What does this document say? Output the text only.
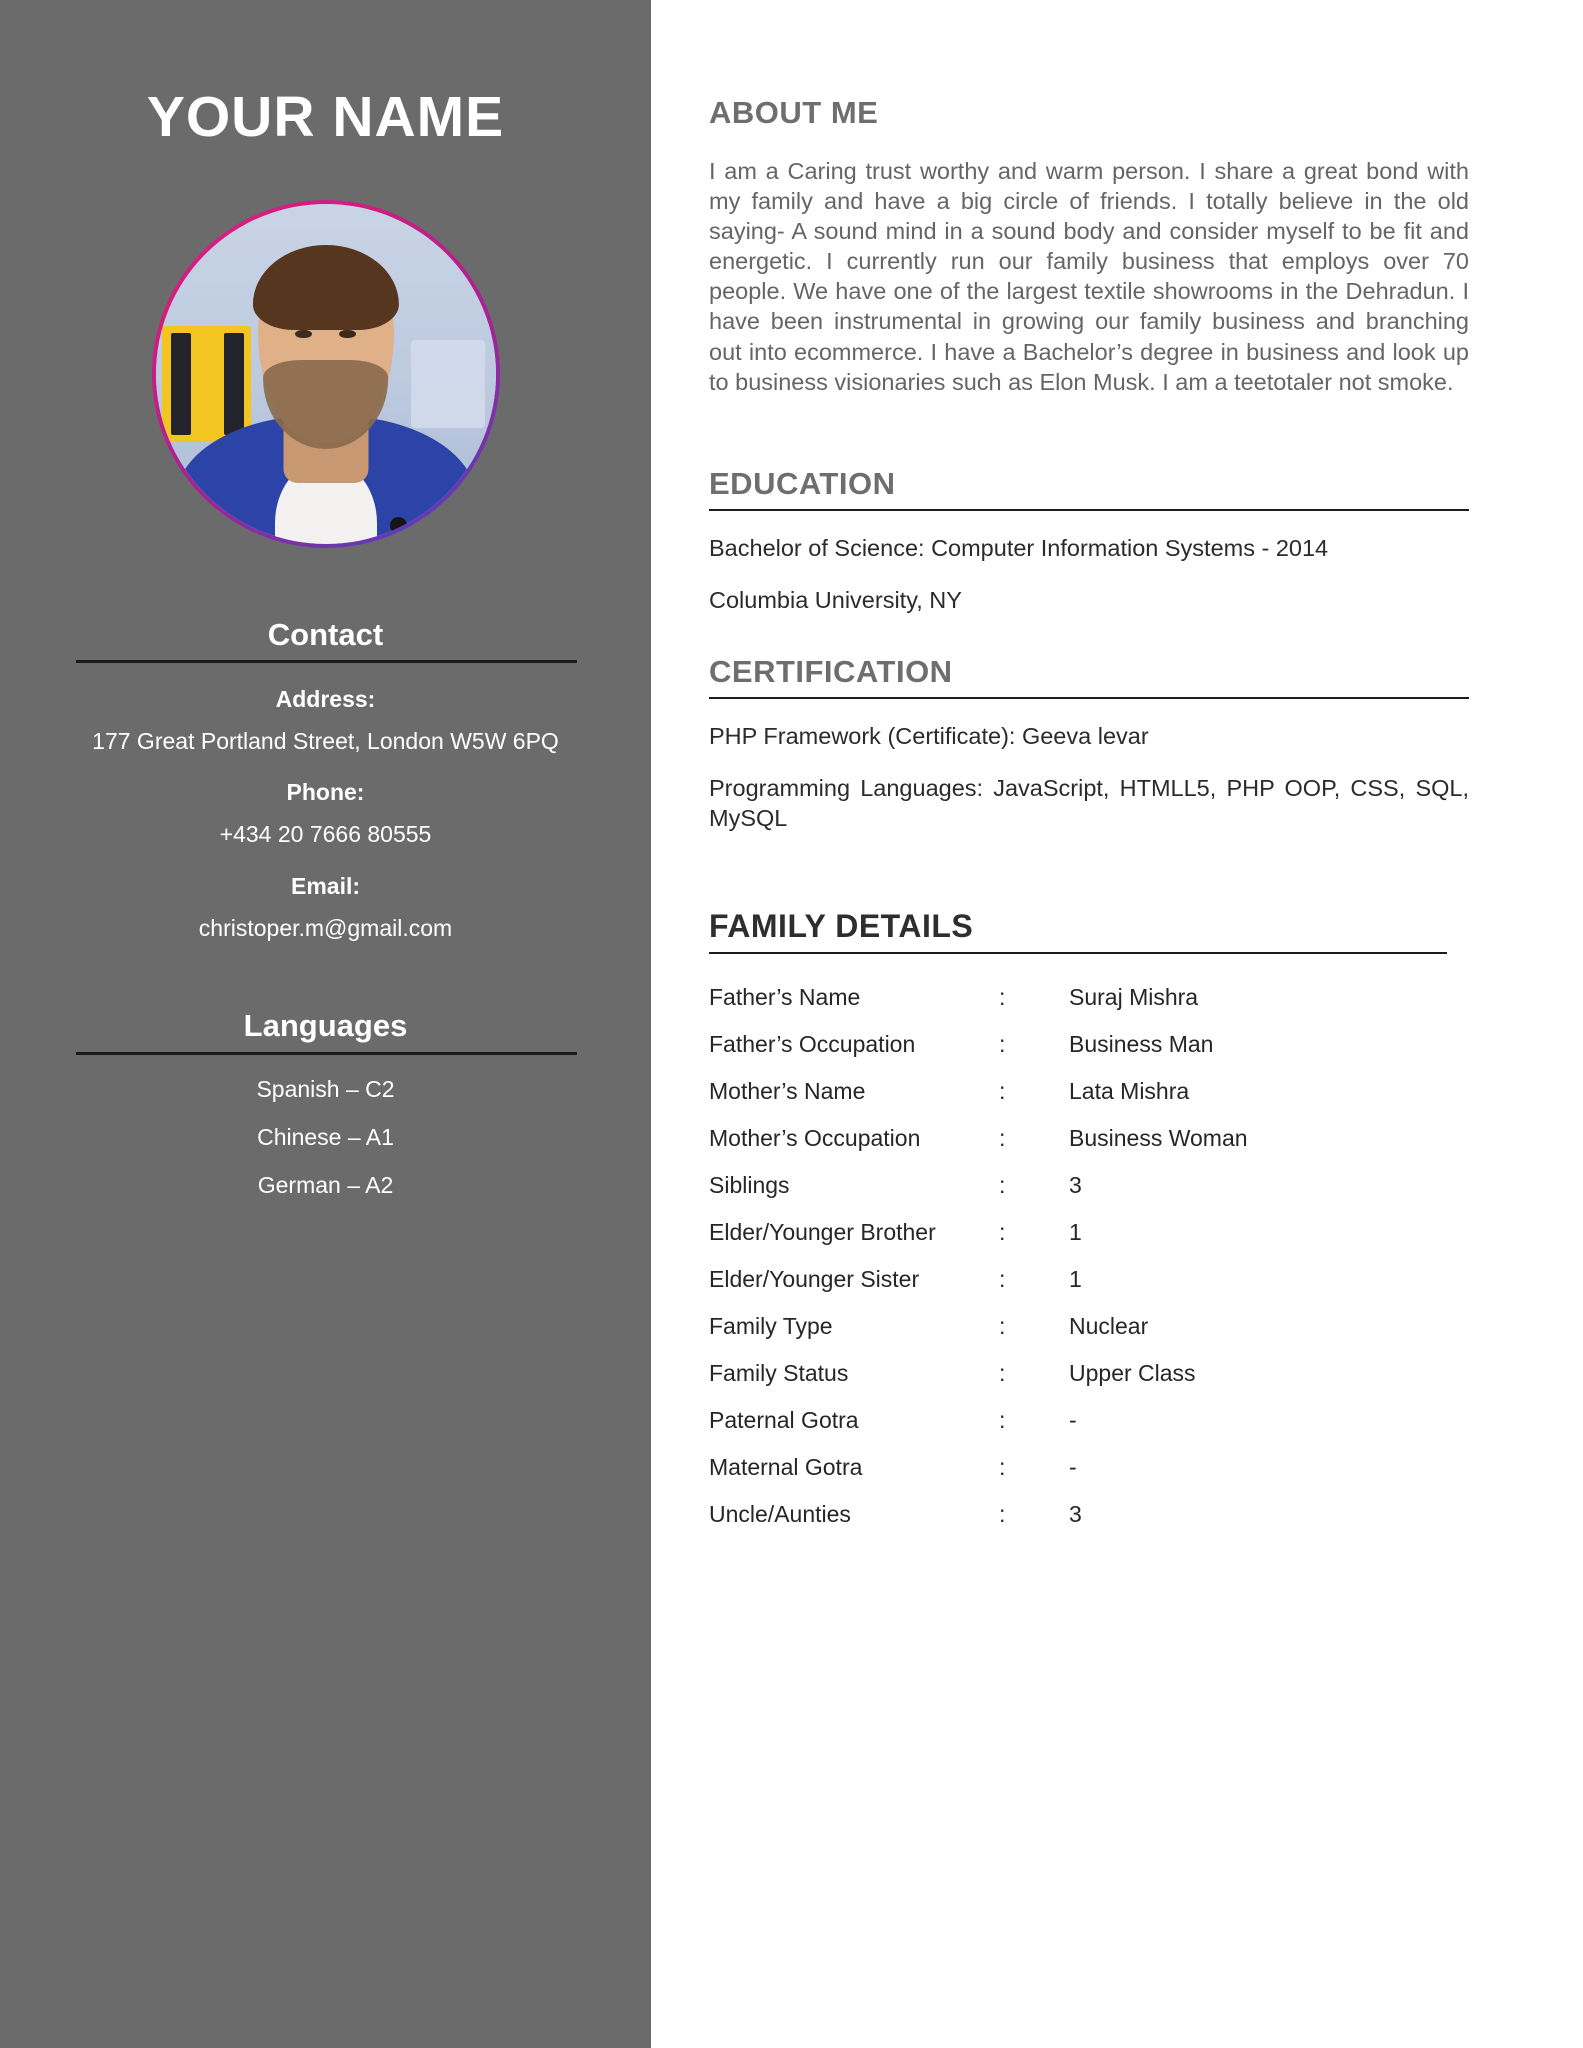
YOUR NAME
Contact
Address:
177 Great Portland Street, London W5W 6PQ
Phone:
+434 20 7666 80555
Email:
christoper.m@gmail.com
Languages
Spanish – C2
Chinese – A1
German – A2
ABOUT ME

I am a Caring trust worthy and warm person. I share a great bond with my family and have a big circle of friends. I totally believe in the old saying- A sound mind in a sound body and consider myself to be fit and energetic. I currently run our family business that employs over 70 people. We have one of the largest textile showrooms in the Dehradun. I have been instrumental in growing our family business and branching out into ecommerce. I have a Bachelor’s degree in business and look up to business visionaries such as Elon Musk. I am a teetotaler not smoke.

EDUCATION

Bachelor of Science: Computer Information Systems - 2014

Columbia University, NY

CERTIFICATION

PHP Framework (Certificate): Geeva levar

Programming Languages: JavaScript, HTMLL5, PHP OOP, CSS, SQL, MySQL

FAMILY DETAILS
Father’s Name	:	Suraj Mishra
Father’s Occupation	:	Business Man
Mother’s Name	:	Lata Mishra
Mother’s Occupation	:	Business Woman
Siblings	:	3
Elder/Younger Brother	:	1
Elder/Younger Sister	:	1
Family Type	:	Nuclear
Family Status	:	Upper Class
Paternal Gotra	:	-
Maternal Gotra	:	-
Uncle/Aunties	:	3
